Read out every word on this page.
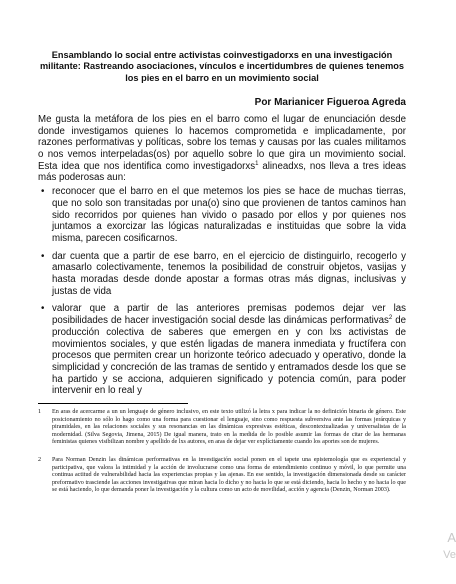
Ensamblando lo social entre activistas coinvestigadorxs en una investigación militante: Rastreando asociaciones, vínculos e incertidumbres de quienes tenemos los pies en el barro en un movimiento social

Por Marianicer Figueroa Agreda

Me gusta la metáfora de los pies en el barro como el lugar de enunciación desde donde investigamos quienes lo hacemos comprometida e implicadamente, por razones performativas y políticas, sobre los temas y causas por las cuales militamos o nos vemos interpeladas(os) por aquello sobre lo que gira un movimiento social. Esta idea que nos identifica como investigadorxs$^1$ alineadxs, nos lleva a tres ideas más poderosas aun:

• reconocer que el barro en el que metemos los pies se hace de muchas tierras, que no solo son transitadas por una(o) sino que provienen de tantos caminos han sido recorridos por quienes han vivido o pasado por ellos y por quienes nos juntamos a exorcizar las lógicas naturalizadas e instituidas que sobre la vida misma, parecen cosificarnos.
• dar cuenta que a partir de ese barro, en el ejercicio de distinguirlo, recogerlo y amasarlo colectivamente, tenemos la posibilidad de construir objetos, vasijas y hasta moradas desde donde apostar a formas otras más dignas, inclusivas y justas de vida
• valorar que a partir de las anteriores premisas podemos dejar ver las posibilidades de hacer investigación social desde las dinámicas performativas$^2$ de producción colectiva de saberes que emergen en y con lxs activistas de movimientos sociales, y que estén ligadas de manera inmediata y fructífera con procesos que permiten crear un horizonte teórico adecuado y operativo, donde la simplicidad y concreción de las tramas de sentido y entramados desde los que se ha partido y se acciona, adquieren significado y potencia común, para poder intervenir en lo real y

1 En aras de acercarme a un un lenguaje de género inclusivo, en este texto utilizó la letra x para indicar la no definición binaria de género. Este posicionamiento no sólo lo hago como una forma para cuestionar el lenguaje, sino como respuesta subversiva ante las formas jerárquicas y piramidales, en las relaciones sociales y sus resonancias en las dinámicas expresivas estéticas, descontextualizadas y universalistas de la modernidad. (Silva Segovia, Jimena, 2015) De igual manera, trato en la medida de lo posible asumir las formas de citar de las hermanas feministas quienes visibilizan nombre y apellido de lxs autores, en aras de dejar ver explícitamente cuando los aportes son de mujeres.

2 Para Norman Denzin las dinámicas performativas en la investigación social ponen en el tapete una epistemología que es experiencial y participativa, que valora la intimidad y la acción de involucrarse como una forma de entendimiento continuo y móvil, lo que permite una continua actitud de vulnerabilidad hacia las experiencias propias y las ajenas. En ese sentido, la investigación dimensionada desde su carácter preformativo trasciende las acciones investigativas que miran hacia lo dicho y no hacia lo que se está diciendo, hacia lo hecho y no hacia lo que se está haciendo, lo que demanda poner la investigación y la cultura como un acto de movilidad, acción y agencia (Denzin, Norman 2003).

A
Ve
